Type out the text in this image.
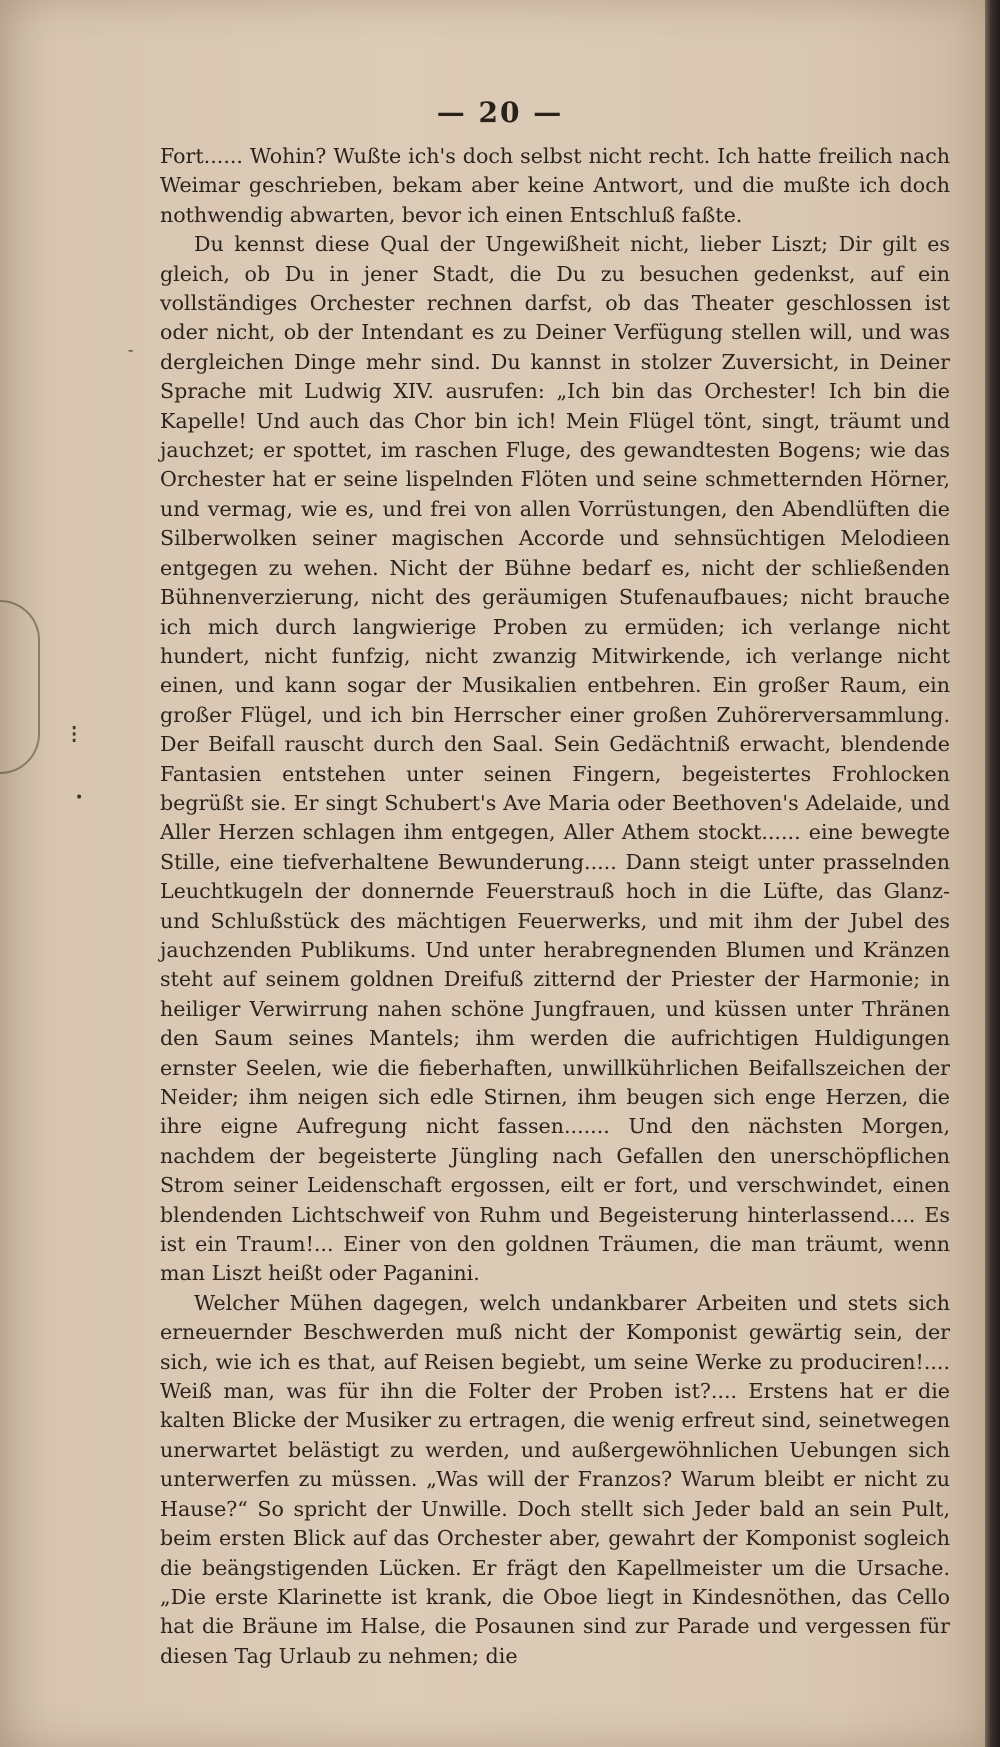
⁝
•
-
— 20 —

Fort...... Wohin? Wußte ich's doch selbst nicht recht. Ich hatte freilich nach Weimar geschrieben, bekam aber keine Antwort, und die mußte ich doch nothwendig abwarten, bevor ich einen Entschluß faßte.

Du kennst diese Qual der Ungewißheit nicht, lieber Liszt; Dir gilt es gleich, ob Du in jener Stadt, die Du zu besuchen gedenkst, auf ein vollständiges Orchester rechnen darfst, ob das Theater geschlossen ist oder nicht, ob der Intendant es zu Deiner Verfügung stellen will, und was dergleichen Dinge mehr sind. Du kannst in stolzer Zuversicht, in Deiner Sprache mit Ludwig XIV. ausrufen: „Ich bin das Orchester! Ich bin die Kapelle! Und auch das Chor bin ich! Mein Flügel tönt, singt, träumt und jauchzet; er spottet, im raschen Fluge, des gewandtesten Bogens; wie das Orchester hat er seine lispelnden Flöten und seine schmetternden Hörner, und vermag, wie es, und frei von allen Vorrüstungen, den Abendlüften die Silberwolken seiner magischen Accorde und sehnsüchtigen Melodieen entgegen zu wehen. Nicht der Bühne bedarf es, nicht der schließenden Bühnenverzierung, nicht des geräumigen Stufenaufbaues; nicht brauche ich mich durch langwierige Proben zu ermüden; ich verlange nicht hundert, nicht funfzig, nicht zwanzig Mitwirkende, ich verlange nicht einen, und kann sogar der Musikalien entbehren. Ein großer Raum, ein großer Flügel, und ich bin Herrscher einer großen Zuhörerversammlung. Der Beifall rauscht durch den Saal. Sein Gedächtniß erwacht, blendende Fantasien entstehen unter seinen Fingern, begeistertes Frohlocken begrüßt sie. Er singt Schubert's Ave Maria oder Beethoven's Adelaide, und Aller Herzen schlagen ihm entgegen, Aller Athem stockt...... eine bewegte Stille, eine tiefverhaltene Bewunderung..... Dann steigt unter prasselnden Leuchtkugeln der donnernde Feuerstrauß hoch in die Lüfte, das Glanz- und Schlußstück des mächtigen Feuerwerks, und mit ihm der Jubel des jauchzenden Publikums. Und unter herabregnenden Blumen und Kränzen steht auf seinem goldnen Dreifuß zitternd der Priester der Harmonie; in heiliger Verwirrung nahen schöne Jungfrauen, und küssen unter Thränen den Saum seines Mantels; ihm werden die aufrichtigen Huldigungen ernster Seelen, wie die fieberhaften, unwillkührlichen Beifallszeichen der Neider; ihm neigen sich edle Stirnen, ihm beugen sich enge Herzen, die ihre eigne Aufregung nicht fassen....... Und den nächsten Morgen, nachdem der begeisterte Jüngling nach Gefallen den unerschöpflichen Strom seiner Leidenschaft ergossen, eilt er fort, und verschwindet, einen blendenden Lichtschweif von Ruhm und Begeisterung hinterlassend.... Es ist ein Traum!... Einer von den goldnen Träumen, die man träumt, wenn man Liszt heißt oder Paganini.

Welcher Mühen dagegen, welch undankbarer Arbeiten und stets sich erneuernder Beschwerden muß nicht der Komponist gewärtig sein, der sich, wie ich es that, auf Reisen begiebt, um seine Werke zu produciren!.... Weiß man, was für ihn die Folter der Proben ist?.... Erstens hat er die kalten Blicke der Musiker zu ertragen, die wenig erfreut sind, seinetwegen unerwartet belästigt zu werden, und außergewöhnlichen Uebungen sich unterwerfen zu müssen. „Was will der Franzos? Warum bleibt er nicht zu Hause?“ So spricht der Unwille. Doch stellt sich Jeder bald an sein Pult, beim ersten Blick auf das Orchester aber, gewahrt der Komponist sogleich die beängstigenden Lücken. Er frägt den Kapellmeister um die Ursache. „Die erste Klarinette ist krank, die Oboe liegt in Kindesnöthen, das Cello hat die Bräune im Halse, die Posaunen sind zur Parade und vergessen für diesen Tag Urlaub zu nehmen; die
